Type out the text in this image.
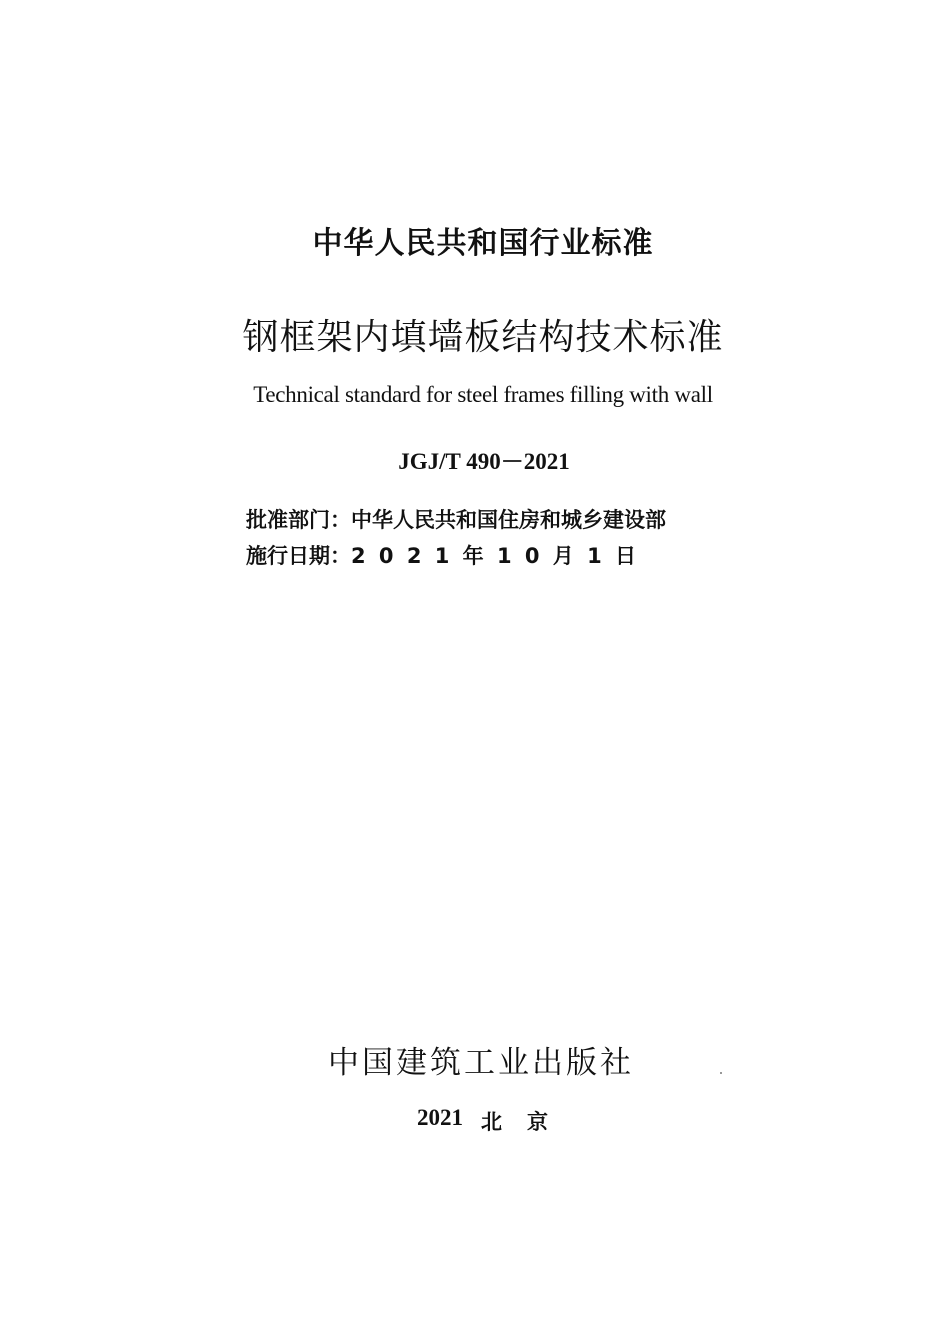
中华人民共和国行业标准
钢框架内填墙板结构技术标准
Technical standard for steel frames filling with wall
JGJ/T 490－2021
批准部门：中华人民共和国住房和城乡建设部
施行日期：2021年10月1日
中国建筑工业出版社
2021 北京
